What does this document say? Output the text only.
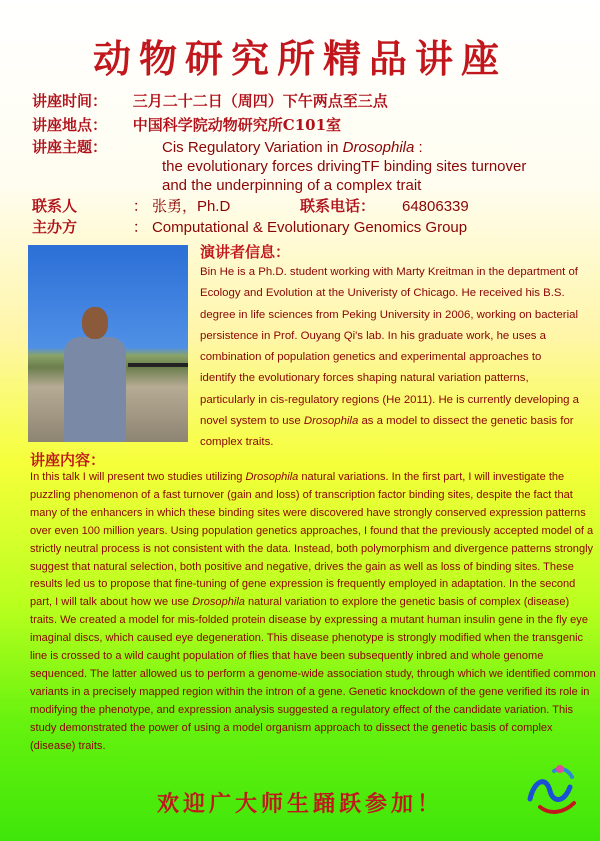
动物研究所精品讲座
讲座时间： 三月二十二日（周四）下午两点至三点
讲座地点： 中国科学院动物研究所C101室
讲座主题：	Cis Regulatory Variation in Drosophila :
the evolutionary forces drivingTF binding sites turnover
and the underpinning of a complex trait
联系人	： 张勇，Ph.D	联系电话： 64806339
主办方	： Computational & Evolutionary Genomics Group
演讲者信息：
Bin He is a Ph.D. student working with Marty Kreitman in the department of Ecology and Evolution at the Univeristy of Chicago. He received his B.S. degree in life sciences from Peking University in 2006, working on bacterial persistence in Prof. Ouyang Qi's lab. In his graduate work, he uses a combination of population genetics and experimental approaches to identify the evolutionary forces shaping natural variation patterns, particularly in cis-regulatory regions (He 2011). He is currently developing a novel system to use Drosophila as a model to dissect the genetic basis for complex traits.
讲座内容：
In this talk I will present two studies utilizing Drosophila natural variations. In the first part, I will investigate the puzzling phenomenon of a fast turnover (gain and loss) of transcription factor binding sites, despite the fact that many of the enhancers in which these binding sites were discovered have strongly conserved expression patterns over even 100 million years. Using population genetics approaches, I found that the previously accepted model of a strictly neutral process is not consistent with the data. Instead, both polymorphism and divergence patterns strongly suggest that natural selection, both positive and negative, drives the gain as well as loss of binding sites. These results led us to propose that fine-tuning of gene expression is frequently employed in adaptation. In the second part, I will talk about how we use Drosophila natural variation to explore the genetic basis of complex (disease) traits. We created a model for mis-folded protein disease by expressing a mutant human insulin gene in the fly eye imaginal discs, which caused eye degeneration. This disease phenotype is strongly modified when the transgenic line is crossed to a wild caught population of flies that have been subsequently inbred and whole genome sequenced. The latter allowed us to perform a genome-wide association study, through which we identified common variants in a precisely mapped region within the intron of a gene. Genetic knockdown of the gene verified its role in modifying the phenotype, and expression analysis suggested a regulatory effect of the candidate variation. This study demonstrated the power of using a model organism approach to dissect the genetic basis of complex (disease) traits.
欢迎广大师生踊跃参加！
